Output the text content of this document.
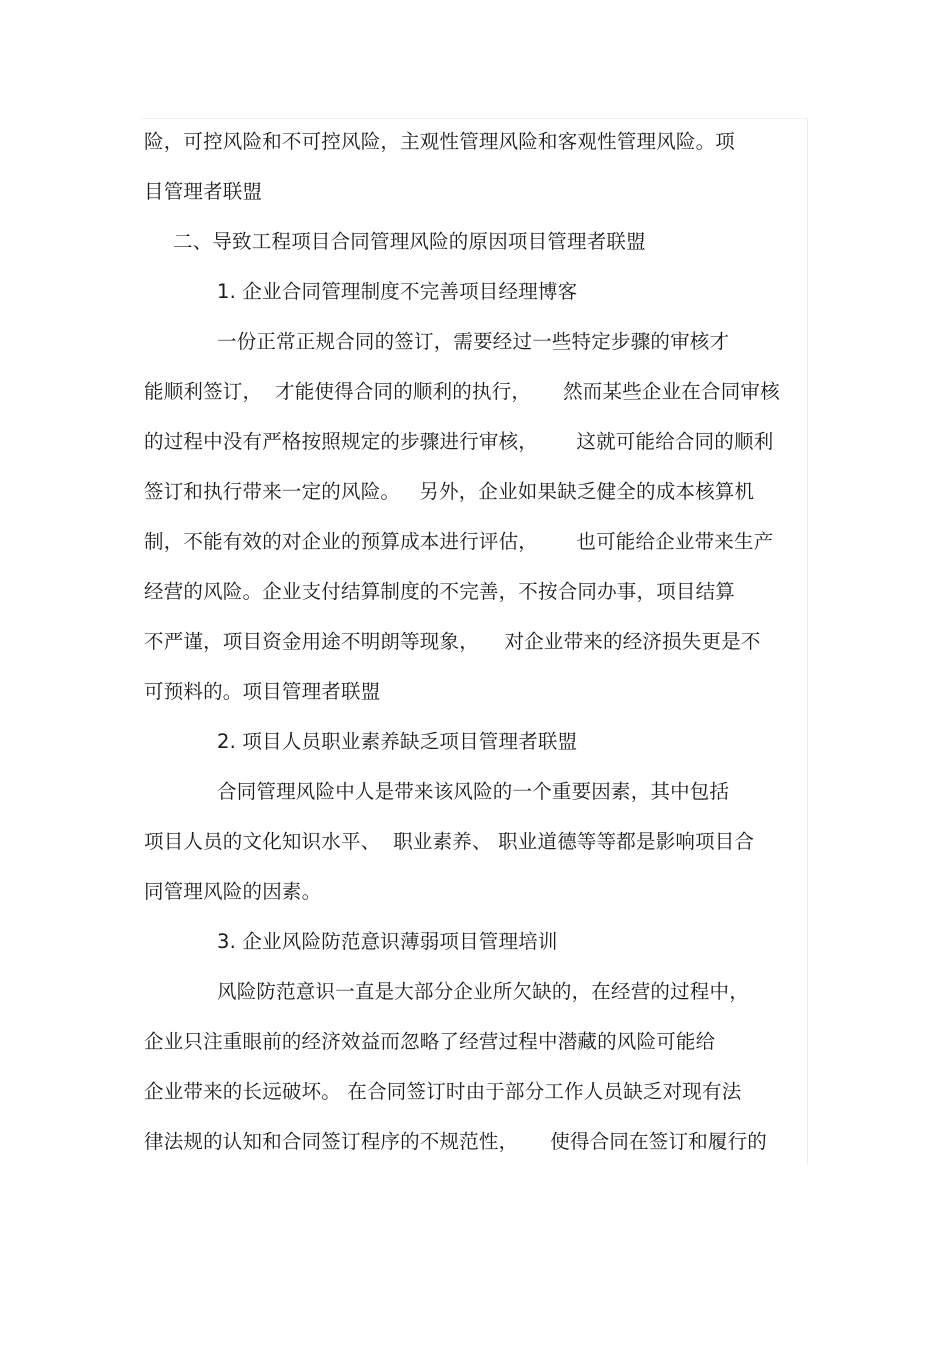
险，可控风险和不可控风险，主观性管理风险和客观性管理风险。项
目管理者联盟
二、导致工程项目合同管理风险的原因项目管理者联盟
1. 企业合同管理制度不完善项目经理博客
一份正常正规合同的签订，需要经过一些特定步骤的审核才
能顺利签订，  才能使得合同的顺利的执行，     然而某些企业在合同审核
的过程中没有严格按照规定的步骤进行审核，      这就可能给合同的顺利
签订和执行带来一定的风险。   另外，企业如果缺乏健全的成本核算机
制，不能有效的对企业的预算成本进行评估，      也可能给企业带来生产
经营的风险。企业支付结算制度的不完善，不按合同办事，项目结算
不严谨，项目资金用途不明朗等现象，    对企业带来的经济损失更是不
可预料的。项目管理者联盟
2. 项目人员职业素养缺乏项目管理者联盟
合同管理风险中人是带来该风险的一个重要因素，其中包括
项目人员的文化知识水平、  职业素养、 职业道德等等都是影响项目合
同管理风险的因素。
3. 企业风险防范意识薄弱项目管理培训
风险防范意识一直是大部分企业所欠缺的，在经营的过程中，
企业只注重眼前的经济效益而忽略了经营过程中潜藏的风险可能给
企业带来的长远破坏。 在合同签订时由于部分工作人员缺乏对现有法
律法规的认知和合同签订程序的不规范性，     使得合同在签订和履行的
